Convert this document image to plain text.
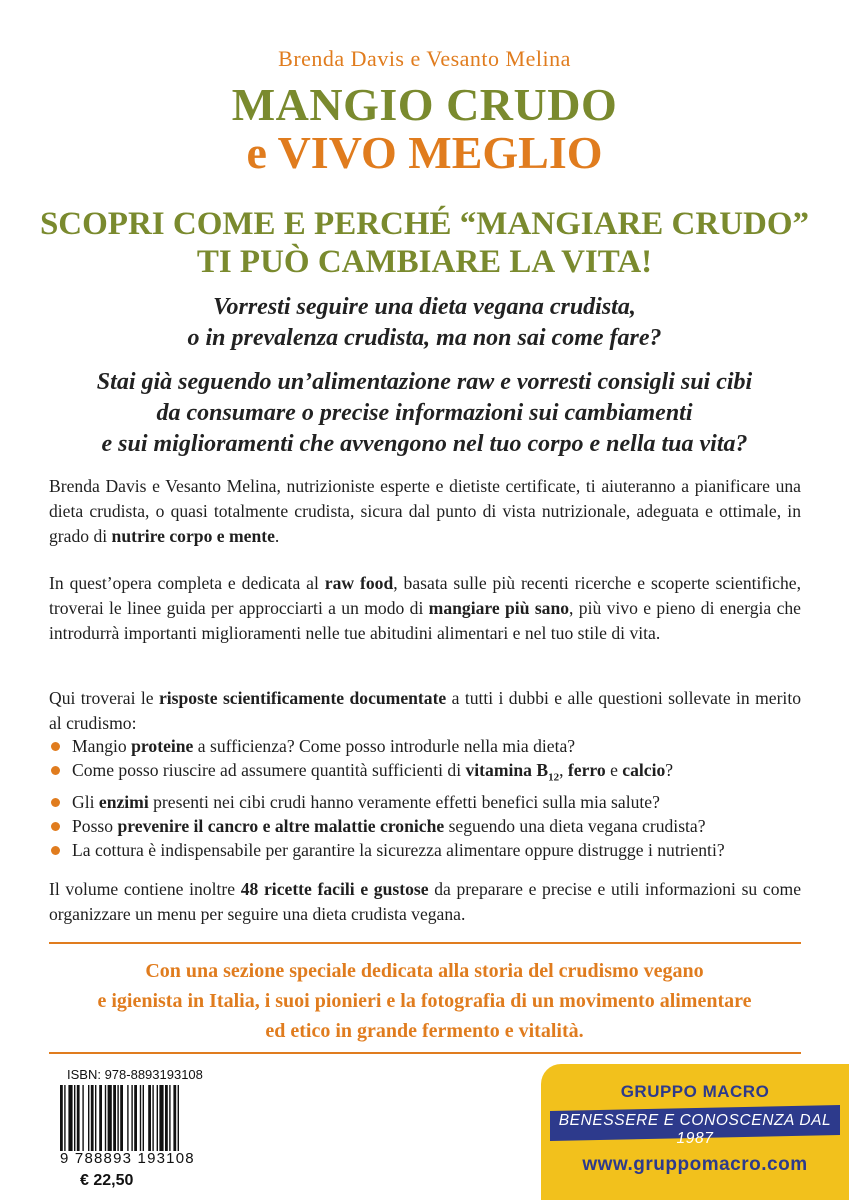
Brenda Davis e Vesanto Melina
MANGIO CRUDO
e VIVO MEGLIO
SCOPRI COME E PERCHÉ “MANGIARE CRUDO”
TI PUÒ CAMBIARE LA VITA!
Vorresti seguire una dieta vegana crudista,
o in prevalenza crudista, ma non sai come fare?
Stai già seguendo un’alimentazione raw e vorresti consigli sui cibi
da consumare o precise informazioni sui cambiamenti
e sui miglioramenti che avvengono nel tuo corpo e nella tua vita?
Brenda Davis e Vesanto Melina, nutrizioniste esperte e dietiste certificate, ti aiuteranno a pianificare una dieta crudista, o quasi totalmente crudista, sicura dal punto di vista nutrizionale, adeguata e ottimale, in grado di nutrire corpo e mente.
In quest’opera completa e dedicata al raw food, basata sulle più recenti ricerche e scoperte scientifiche, troverai le linee guida per approcciarti a un modo di mangiare più sano, più vivo e pieno di energia che introdurrà importanti miglioramenti nelle tue abitudini alimentari e nel tuo stile di vita.
Qui troverai le risposte scientificamente documentate a tutti i dubbi e alle questioni sollevate in merito al crudismo:
Mangio proteine a sufficienza? Come posso introdurle nella mia dieta?
Come posso riuscire ad assumere quantità sufficienti di vitamina $B_{12}$, ferro e calcio?
Gli enzimi presenti nei cibi crudi hanno veramente effetti benefici sulla mia salute?
Posso prevenire il cancro e altre malattie croniche seguendo una dieta vegana crudista?
La cottura è indispensabile per garantire la sicurezza alimentare oppure distrugge i nutrienti?
Il volume contiene inoltre 48 ricette facili e gustose da preparare e precise e utili informazioni su come organizzare un menu per seguire una dieta crudista vegana.
Con una sezione speciale dedicata alla storia del crudismo vegano
e igienista in Italia, i suoi pionieri e la fotografia di un movimento alimentare
ed etico in grande fermento e vitalità.
ISBN: 978-8893193108
9 788893 193108
€ 22,50
GRUPPO MACRO
BENESSERE E CONOSCENZA DAL 1987
www.gruppomacro.com
